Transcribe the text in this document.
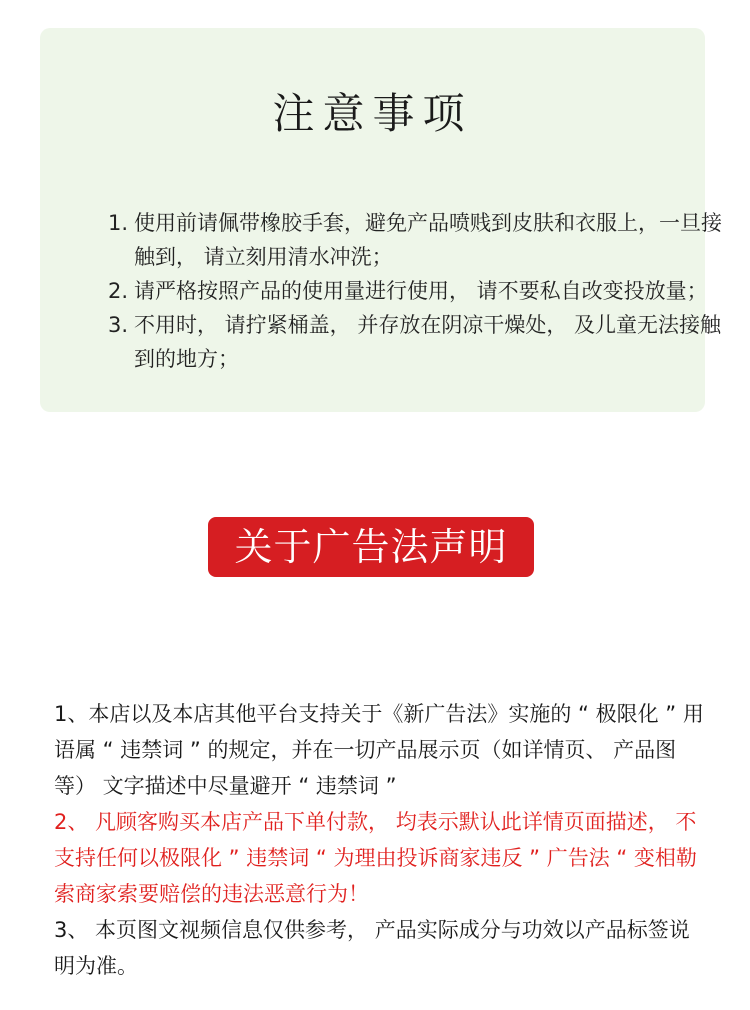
注意事项
1. 使用前请佩带橡胶手套，避免产品喷贱到皮肤和衣服上，一旦接触到， 请立刻用清水冲洗；
2. 请严格按照产品的使用量进行使用， 请不要私自改变投放量；
3. 不用时， 请拧紧桶盖， 并存放在阴凉干燥处， 及儿童无法接触到的地方；
关于广告法声明

1、本店以及本店其他平台支持关于《新广告法》实施的 “ 极限化 ” 用语属 “ 违禁词 ” 的规定，并在一切产品展示页（如详情页、 产品图等） 文字描述中尽量避开 “ 违禁词 ”

2、 凡顾客购买本店产品下单付款， 均表示默认此详情页面描述， 不支持任何以极限化 ” 违禁词 “ 为理由投诉商家违反 ” 广告法 “ 变相勒索商家索要赔偿的违法恶意行为！

3、 本页图文视频信息仅供参考， 产品实际成分与功效以产品标签说明为准。
